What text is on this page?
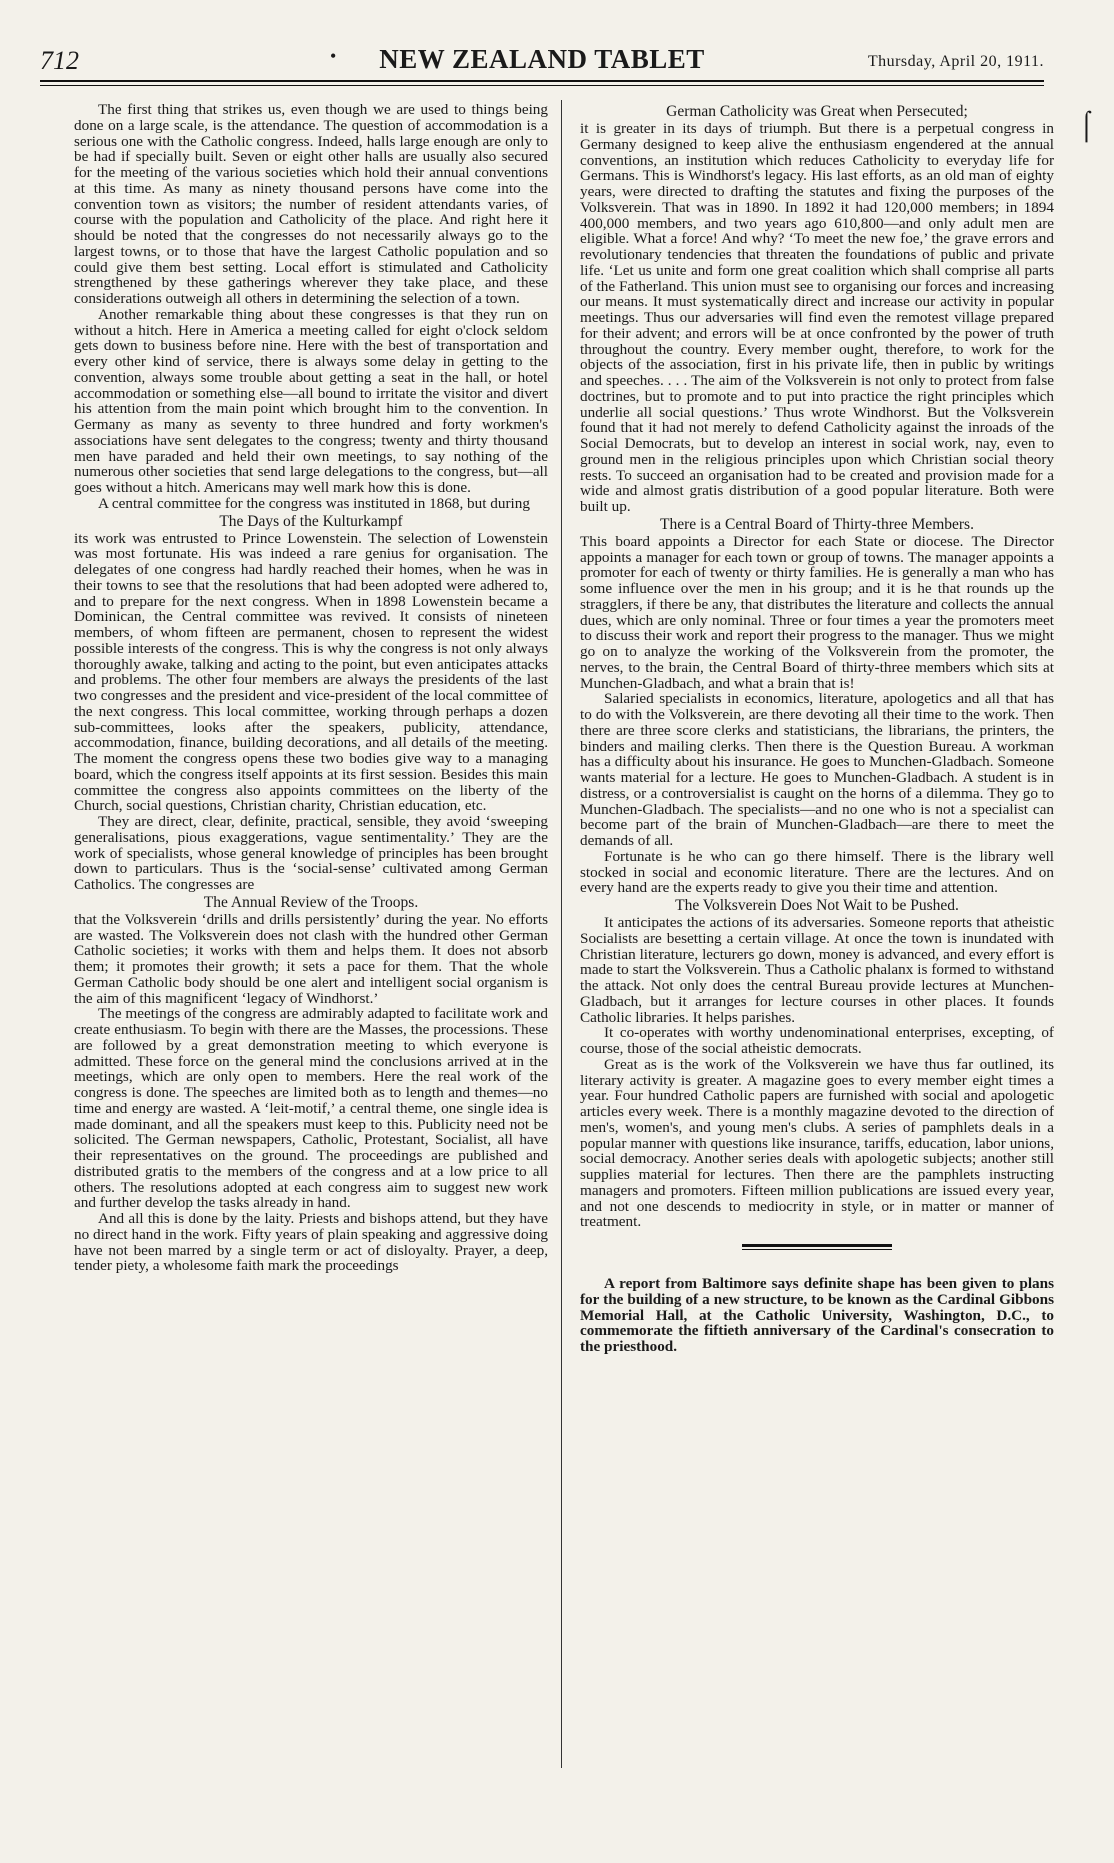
712	•	NEW ZEALAND TABLET	Thursday, April 20, 1911.

The first thing that strikes us, even though we are used to things being done on a large scale, is the attendance. The question of accommodation is a serious one with the Catholic congress. Indeed, halls large enough are only to be had if specially built. Seven or eight other halls are usually also secured for the meeting of the various societies which hold their annual conventions at this time. As many as ninety thousand persons have come into the convention town as visitors; the number of resident attendants varies, of course with the population and Catholicity of the place. And right here it should be noted that the congresses do not necessarily always go to the largest towns, or to those that have the largest Catholic population and so could give them best setting. Local effort is stimulated and Catholicity strengthened by these gatherings wherever they take place, and these considerations outweigh all others in determining the selection of a town.

Another remarkable thing about these congresses is that they run on without a hitch. Here in America a meeting called for eight o'clock seldom gets down to business before nine. Here with the best of transportation and every other kind of service, there is always some delay in getting to the convention, always some trouble about getting a seat in the hall, or hotel accommodation or something else—all bound to irritate the visitor and divert his attention from the main point which brought him to the convention. In Germany as many as seventy to three hundred and forty workmen's associations have sent delegates to the congress; twenty and thirty thousand men have paraded and held their own meetings, to say nothing of the numerous other societies that send large delegations to the congress, but—all goes without a hitch. Americans may well mark how this is done.

A central committee for the congress was instituted in 1868, but during

The Days of the Kulturkampf

its work was entrusted to Prince Lowenstein. The selection of Lowenstein was most fortunate. His was indeed a rare genius for organisation. The delegates of one congress had hardly reached their homes, when he was in their towns to see that the resolutions that had been adopted were adhered to, and to prepare for the next congress. When in 1898 Lowenstein became a Dominican, the Central committee was revived. It consists of nineteen members, of whom fifteen are permanent, chosen to represent the widest possible interests of the congress. This is why the congress is not only always thoroughly awake, talking and acting to the point, but even anticipates attacks and problems. The other four members are always the presidents of the last two congresses and the president and vice-president of the local committee of the next congress. This local committee, working through perhaps a dozen sub-committees, looks after the speakers, publicity, attendance, accommodation, finance, building decorations, and all details of the meeting. The moment the congress opens these two bodies give way to a managing board, which the congress itself appoints at its first session. Besides this main committee the congress also appoints committees on the liberty of the Church, social questions, Christian charity, Christian education, etc.

They are direct, clear, definite, practical, sensible, they avoid ‘sweeping generalisations, pious exaggerations, vague sentimentality.’ They are the work of specialists, whose general knowledge of principles has been brought down to particulars. Thus is the ‘social-sense’ cultivated among German Catholics. The congresses are

The Annual Review of the Troops.

that the Volksverein ‘drills and drills persistently’ during the year. No efforts are wasted. The Volksverein does not clash with the hundred other German Catholic societies; it works with them and helps them. It does not absorb them; it promotes their growth; it sets a pace for them. That the whole German Catholic body should be one alert and intelligent social organism is the aim of this magnificent ‘legacy of Windhorst.’

The meetings of the congress are admirably adapted to facilitate work and create enthusiasm. To begin with there are the Masses, the processions. These are followed by a great demonstration meeting to which everyone is admitted. These force on the general mind the conclusions arrived at in the meetings, which are only open to members. Here the real work of the congress is done. The speeches are limited both as to length and themes—no time and energy are wasted. A ‘leit-motif,’ a central theme, one single idea is made dominant, and all the speakers must keep to this. Publicity need not be solicited. The German newspapers, Catholic, Protestant, Socialist, all have their representatives on the ground. The proceedings are published and distributed gratis to the members of the congress and at a low price to all others. The resolutions adopted at each congress aim to suggest new work and further develop the tasks already in hand.

And all this is done by the laity. Priests and bishops attend, but they have no direct hand in the work. Fifty years of plain speaking and aggressive doing have not been marred by a single term or act of disloyalty. Prayer, a deep, tender piety, a wholesome faith mark the proceedings

German Catholicity was Great when Persecuted;

it is greater in its days of triumph. But there is a perpetual congress in Germany designed to keep alive the enthusiasm engendered at the annual conventions, an institution which reduces Catholicity to everyday life for Germans. This is Windhorst's legacy. His last efforts, as an old man of eighty years, were directed to drafting the statutes and fixing the purposes of the Volksverein. That was in 1890. In 1892 it had 120,000 members; in 1894 400,000 members, and two years ago 610,800—and only adult men are eligible. What a force! And why? ‘To meet the new foe,’ the grave errors and revolutionary tendencies that threaten the foundations of public and private life. ‘Let us unite and form one great coalition which shall comprise all parts of the Fatherland. This union must see to organising our forces and increasing our means. It must systematically direct and increase our activity in popular meetings. Thus our adversaries will find even the remotest village prepared for their advent; and errors will be at once confronted by the power of truth throughout the country. Every member ought, therefore, to work for the objects of the association, first in his private life, then in public by writings and speeches. . . . The aim of the Volksverein is not only to protect from false doctrines, but to promote and to put into practice the right principles which underlie all social questions.’ Thus wrote Windhorst. But the Volksverein found that it had not merely to defend Catholicity against the inroads of the Social Democrats, but to develop an interest in social work, nay, even to ground men in the religious principles upon which Christian social theory rests. To succeed an organisation had to be created and provision made for a wide and almost gratis distribution of a good popular literature. Both were built up.

There is a Central Board of Thirty-three Members.

This board appoints a Director for each State or diocese. The Director appoints a manager for each town or group of towns. The manager appoints a promoter for each of twenty or thirty families. He is generally a man who has some influence over the men in his group; and it is he that rounds up the stragglers, if there be any, that distributes the literature and collects the annual dues, which are only nominal. Three or four times a year the promoters meet to discuss their work and report their progress to the manager. Thus we might go on to analyze the working of the Volksverein from the promoter, the nerves, to the brain, the Central Board of thirty-three members which sits at Munchen-Gladbach, and what a brain that is!

Salaried specialists in economics, literature, apologetics and all that has to do with the Volksverein, are there devoting all their time to the work. Then there are three score clerks and statisticians, the librarians, the printers, the binders and mailing clerks. Then there is the Question Bureau. A workman has a difficulty about his insurance. He goes to Munchen-Gladbach. Someone wants material for a lecture. He goes to Munchen-Gladbach. A student is in distress, or a controversialist is caught on the horns of a dilemma. They go to Munchen-Gladbach. The specialists—and no one who is not a specialist can become part of the brain of Munchen-Gladbach—are there to meet the demands of all.

Fortunate is he who can go there himself. There is the library well stocked in social and economic literature. There are the lectures. And on every hand are the experts ready to give you their time and attention.

The Volksverein Does Not Wait to be Pushed.

It anticipates the actions of its adversaries. Someone reports that atheistic Socialists are besetting a certain village. At once the town is inundated with Christian literature, lecturers go down, money is advanced, and every effort is made to start the Volksverein. Thus a Catholic phalanx is formed to withstand the attack. Not only does the central Bureau provide lectures at Munchen-Gladbach, but it arranges for lecture courses in other places. It founds Catholic libraries. It helps parishes.

It co-operates with worthy undenominational enterprises, excepting, of course, those of the social atheistic democrats.

Great as is the work of the Volksverein we have thus far outlined, its literary activity is greater. A magazine goes to every member eight times a year. Four hundred Catholic papers are furnished with social and apologetic articles every week. There is a monthly magazine devoted to the direction of men's, women's, and young men's clubs. A series of pamphlets deals in a popular manner with questions like insurance, tariffs, education, labor unions, social democracy. Another series deals with apologetic subjects; another still supplies material for lectures. Then there are the pamphlets instructing managers and promoters. Fifteen million publications are issued every year, and not one descends to mediocrity in style, or in matter or manner of treatment.

A report from Baltimore says definite shape has been given to plans for the building of a new structure, to be known as the Cardinal Gibbons Memorial Hall, at the Catholic University, Washington, D.C., to commemorate the fiftieth anniversary of the Cardinal's consecration to the priesthood.

⌠
